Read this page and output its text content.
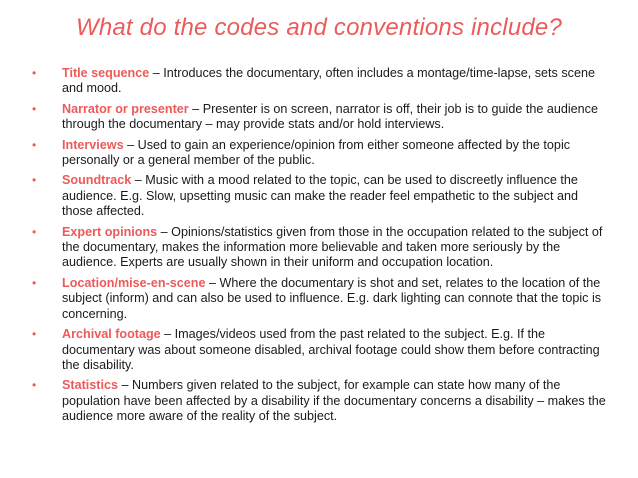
What do the codes and conventions include?
• Title sequence – Introduces the documentary, often includes a montage/time-lapse, sets scene and mood.
• Narrator or presenter – Presenter is on screen, narrator is off, their job is to guide the audience through the documentary – may provide stats and/or hold interviews.
• Interviews – Used to gain an experience/opinion from either someone affected by the topic personally or a general member of the public.
• Soundtrack – Music with a mood related to the topic, can be used to discreetly influence the audience. E.g. Slow, upsetting music can make the reader feel empathetic to the subject and those affected.
• Expert opinions – Opinions/statistics given from those in the occupation related to the subject of the documentary, makes the information more believable and taken more seriously by the audience. Experts are usually shown in their uniform and occupation location.
• Location/mise-en-scene – Where the documentary is shot and set, relates to the location of the subject (inform) and can also be used to influence. E.g. dark lighting can connote that the topic is concerning.
• Archival footage – Images/videos used from the past related to the subject. E.g. If the documentary was about someone disabled, archival footage could show them before contracting the disability.
• Statistics – Numbers given related to the subject, for example can state how many of the population have been affected by a disability if the documentary concerns a disability – makes the audience more aware of the reality of the subject.
